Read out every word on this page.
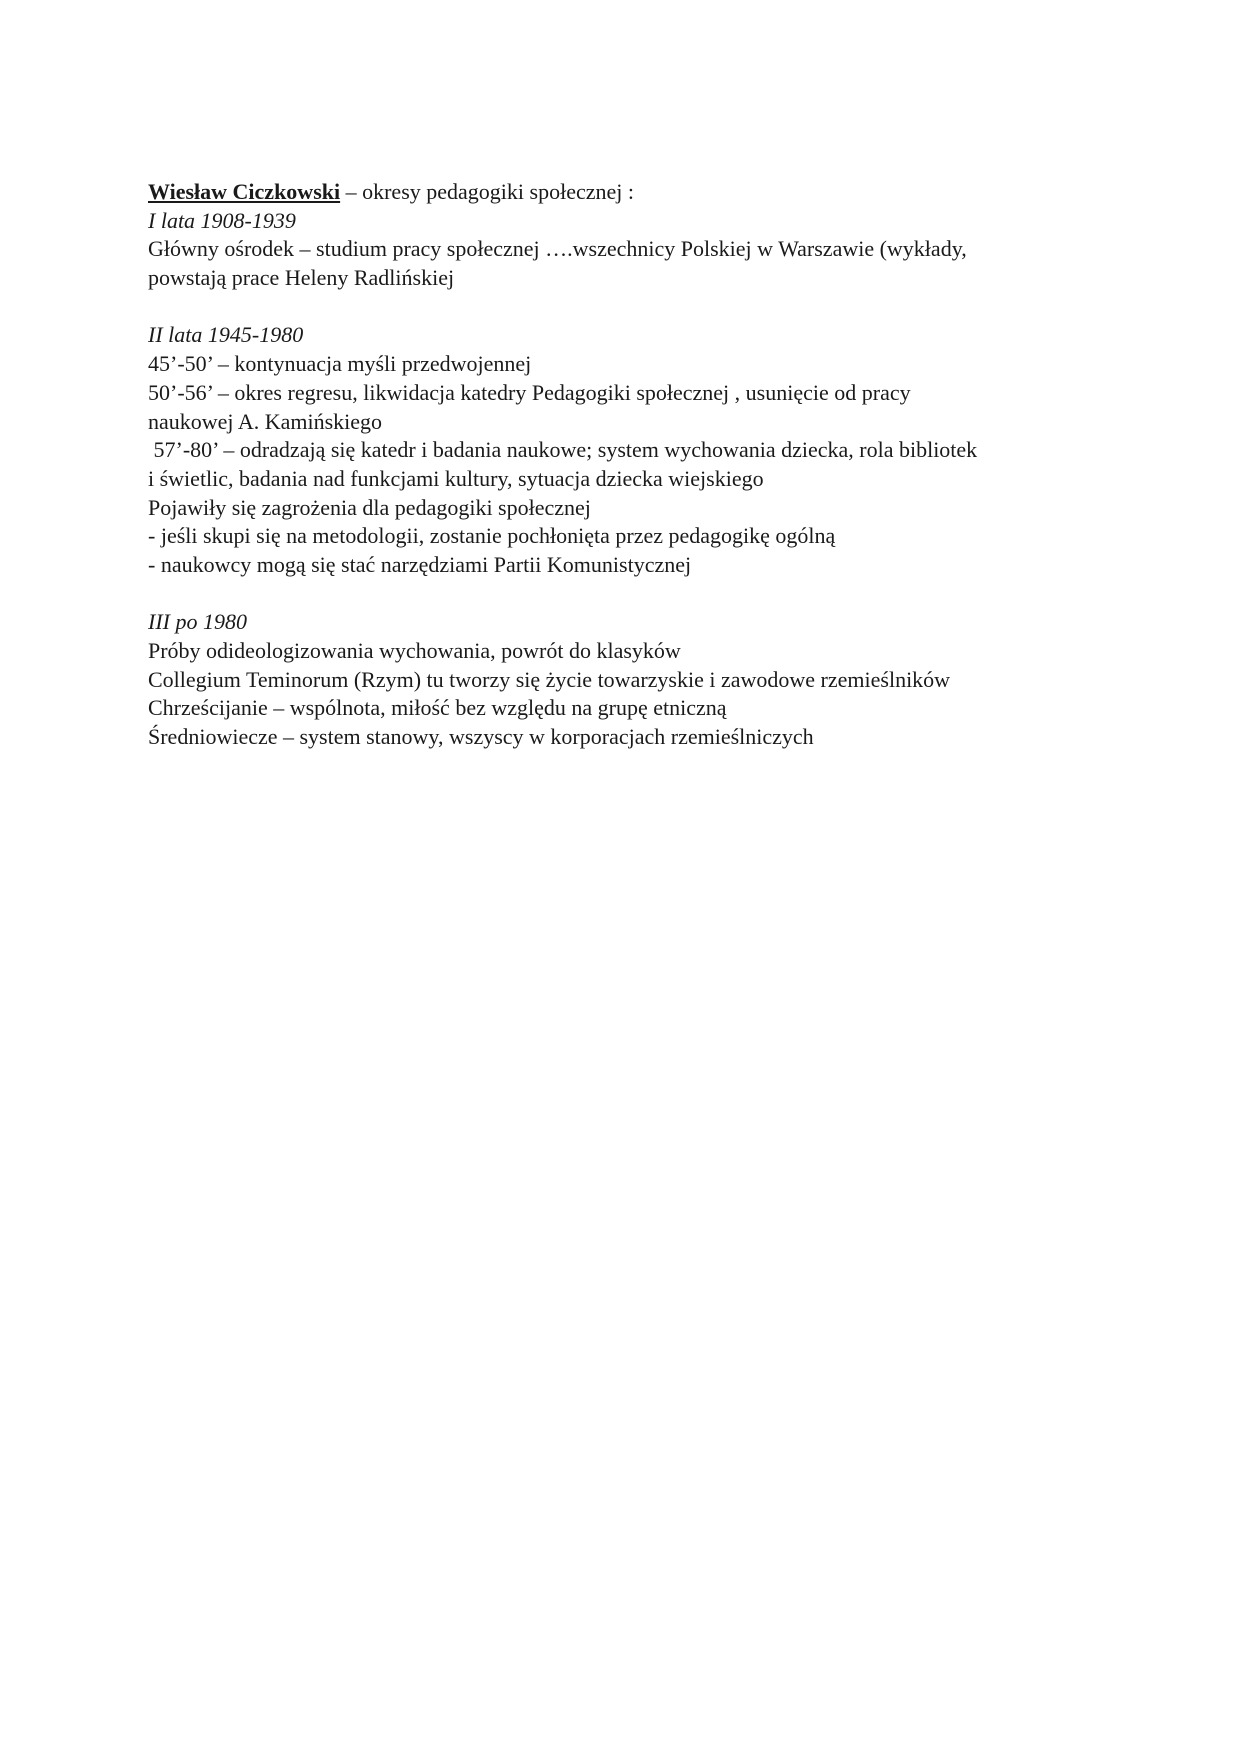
Wiesław Ciczkowski – okresy pedagogiki społecznej :
I lata 1908-1939
Główny ośrodek – studium pracy społecznej ….wszechnicy Polskiej w Warszawie (wykłady,
powstają prace Heleny Radlińskiej
II lata 1945-1980
45’-50’ – kontynuacja myśli przedwojennej
50’-56’ – okres regresu, likwidacja katedry Pedagogiki społecznej , usunięcie od pracy
naukowej A. Kamińskiego
57’-80’ – odradzają się katedr i badania naukowe; system wychowania dziecka, rola bibliotek
i świetlic, badania nad funkcjami kultury, sytuacja dziecka wiejskiego
Pojawiły się zagrożenia dla pedagogiki społecznej
- jeśli skupi się na metodologii, zostanie pochłonięta przez pedagogikę ogólną
- naukowcy mogą się stać narzędziami Partii Komunistycznej
III po 1980
Próby odideologizowania wychowania, powrót do klasyków
Collegium Teminorum (Rzym) tu tworzy się życie towarzyskie i zawodowe rzemieślników
Chrześcijanie – wspólnota, miłość bez względu na grupę etniczną
Średniowiecze – system stanowy, wszyscy w korporacjach rzemieślniczych
